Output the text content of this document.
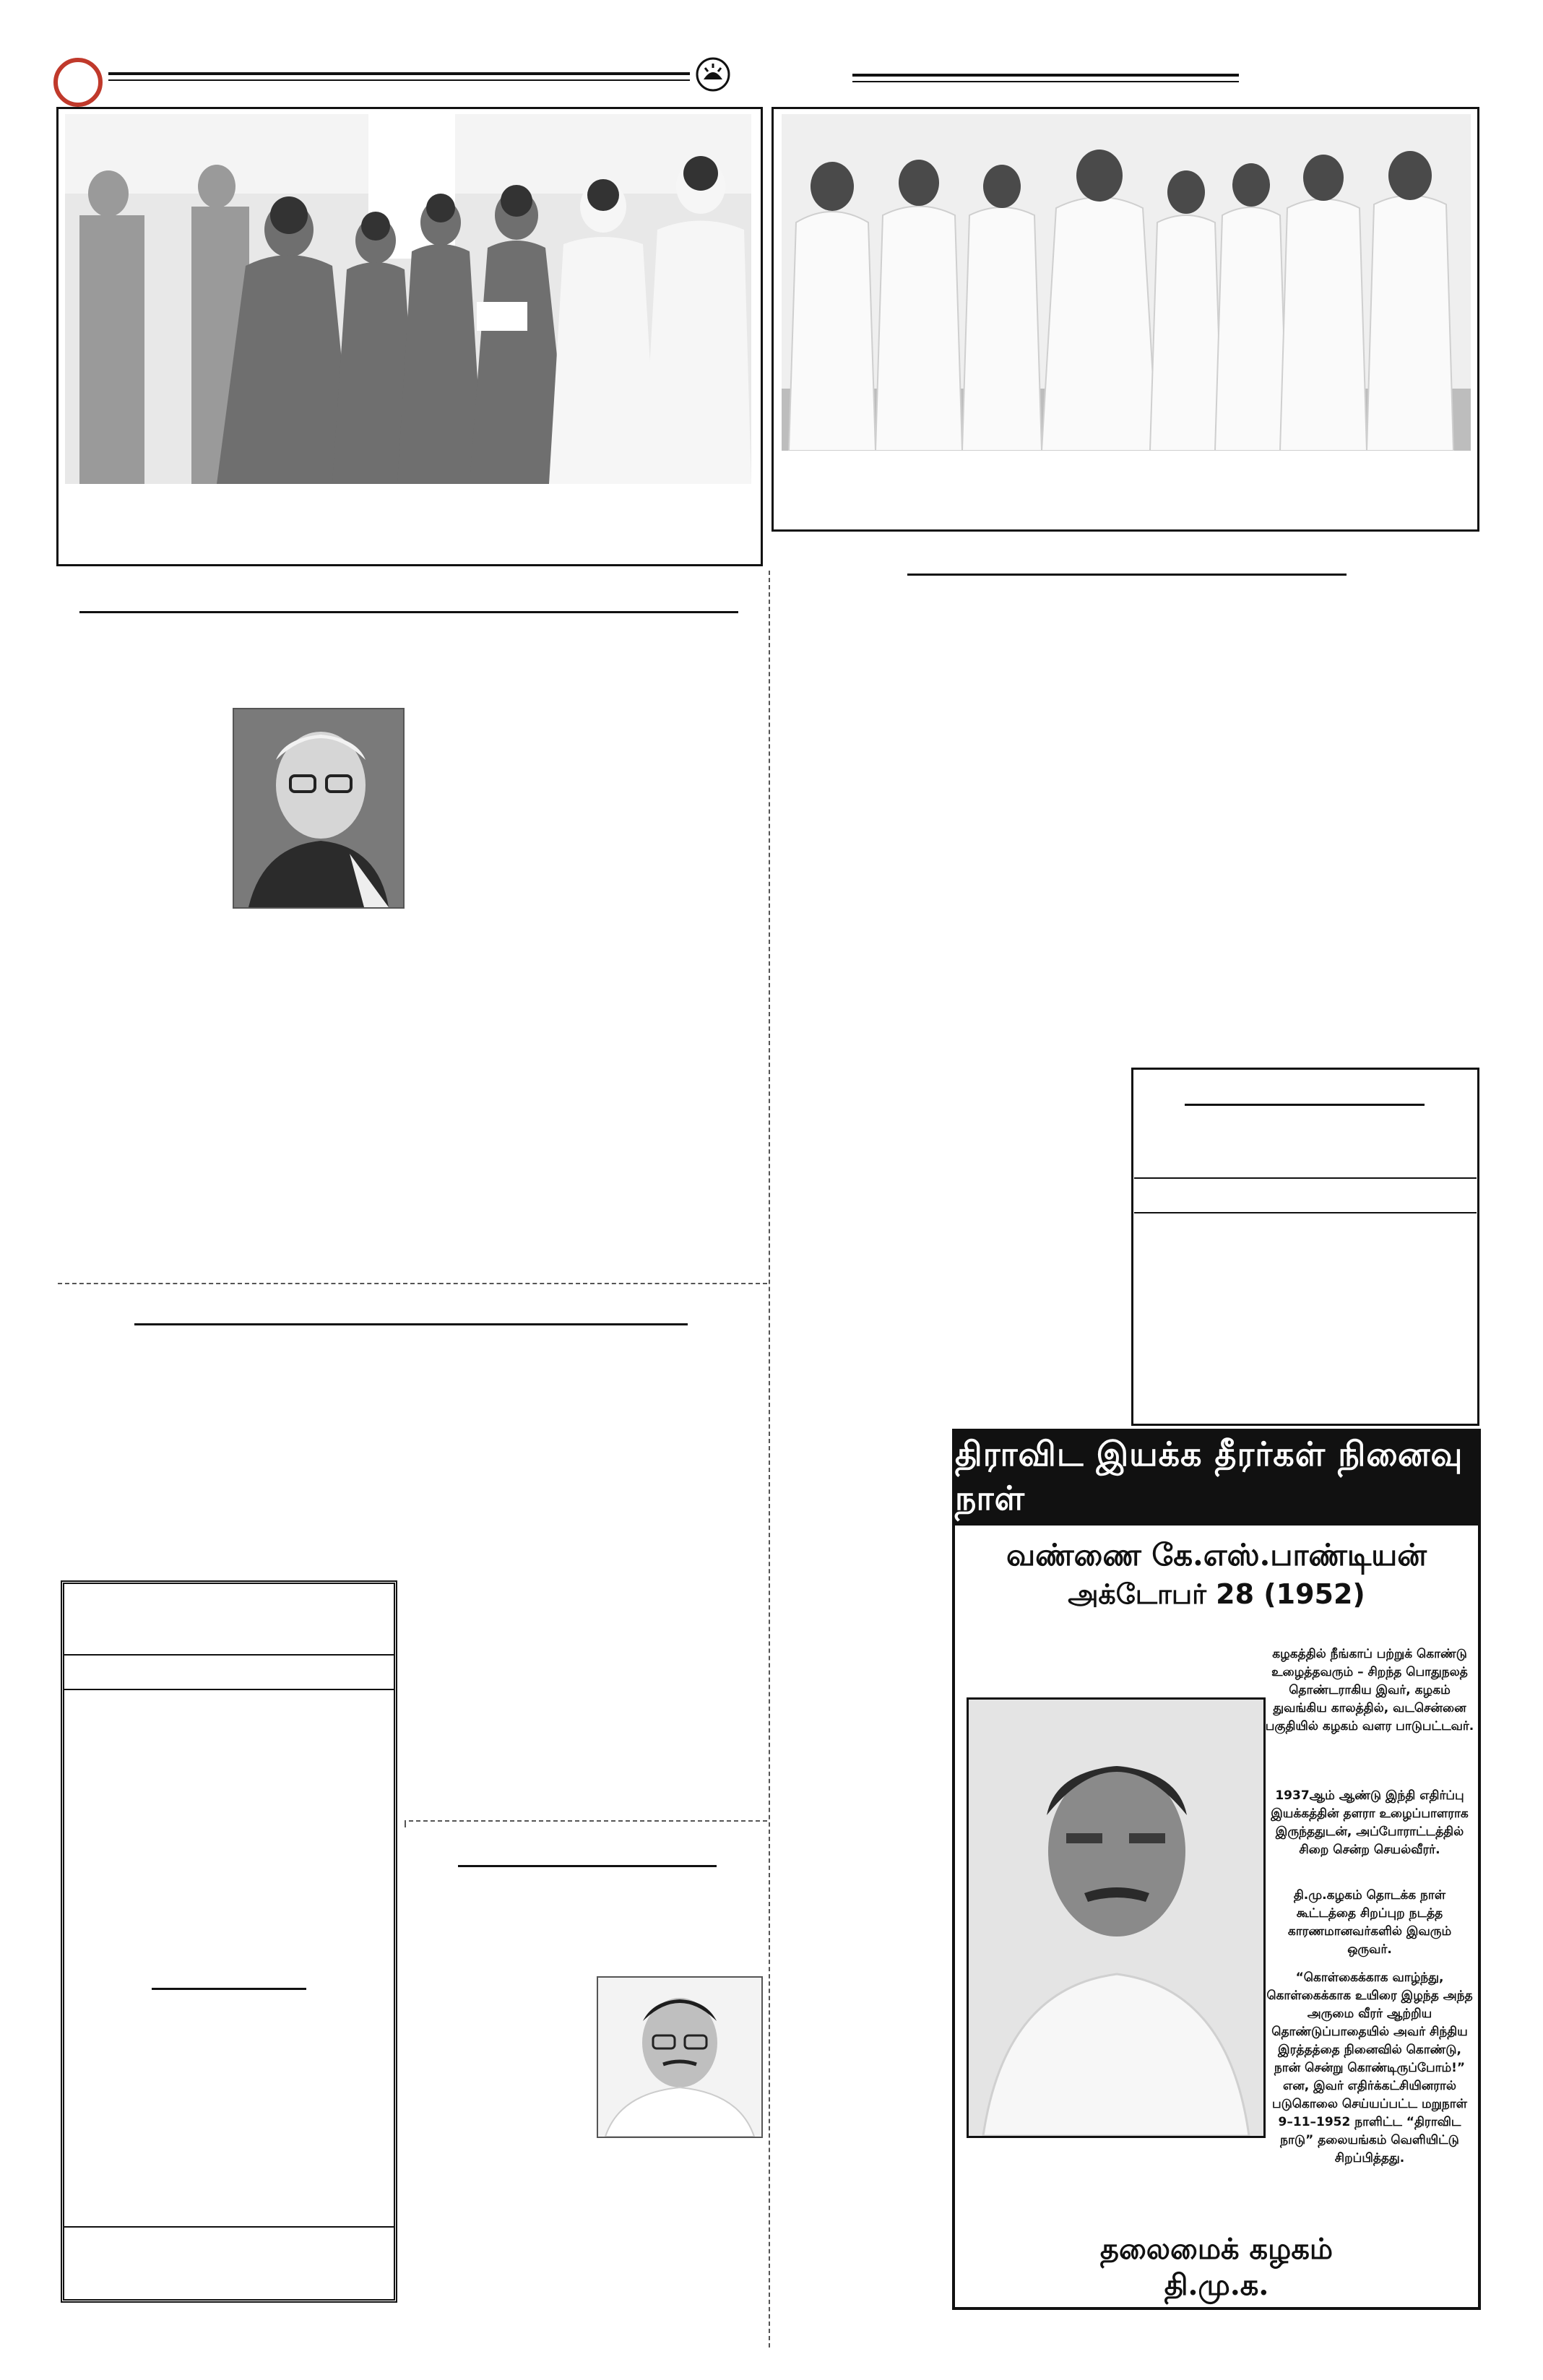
திராவிட இயக்க தீரர்கள் நினைவு நாள்
வண்ணை கே.எஸ்.பாண்டியன்
அக்டோபர் 28 (1952)
கழகத்தில் நீங்காப் பற்றுக் கொண்டு உழைத்தவரும் – சிறந்த பொதுநலத் தொண்டராகிய இவர், கழகம் துவங்கிய காலத்தில், வடசென்னை பகுதியில் கழகம் வளர பாடுபட்டவர்.
1937ஆம் ஆண்டு இந்தி எதிர்ப்பு இயக்கத்தின் தளரா உழைப்பாளராக இருந்ததுடன், அப்போராட்டத்தில் சிறை சென்ற செயல்வீரர்.
தி.மு.கழகம் தொடக்க நாள் கூட்டத்தை சிறப்புற நடத்த காரணமானவர்களில் இவரும் ஒருவர்.
“கொள்கைக்காக வாழ்ந்து, கொள்கைக்காக உயிரை இழந்த அந்த அருமை வீரர் ஆற்றிய தொண்டுப்பாதையில் அவர் சிந்திய இரத்தத்தை நினைவில் கொண்டு, நான் சென்று கொண்டிருப்போம்!” என, இவர் எதிர்க்கட்சியினரால் படுகொலை செய்யப்பட்ட மறுநாள் 9–11–1952 நாளிட்ட “திராவிட நாடு” தலையங்கம் வெளியிட்டு சிறப்பித்தது.
தலைமைக் கழகம்
தி.மு.க.
